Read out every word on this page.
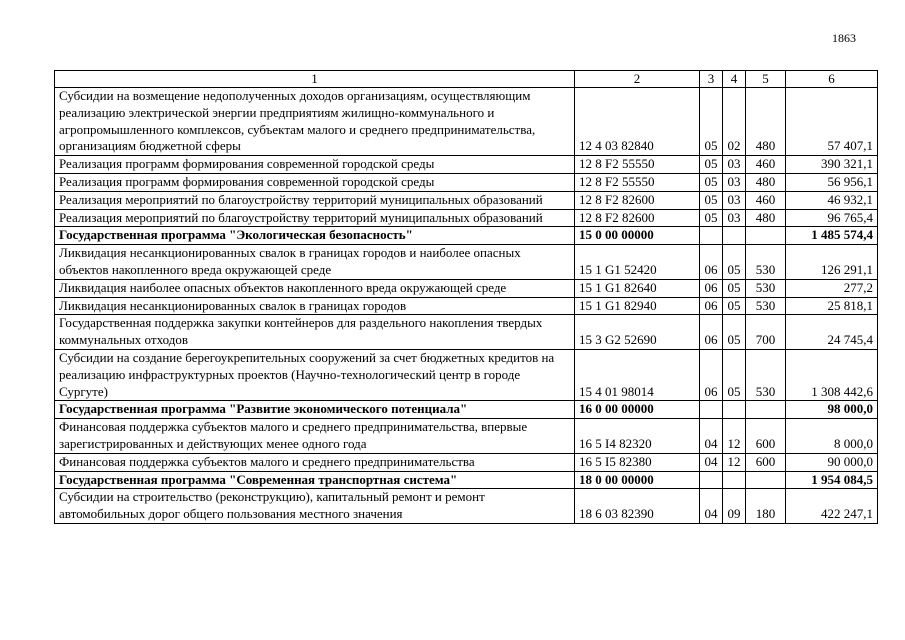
1863
1	2	3	4	5	6
Субсидии на возмещение недополученных доходов организациям, осуществляющим реализацию электрической энергии предприятиям жилищно-коммунального и агропромышленного комплексов, субъектам малого и среднего предпринимательства, организациям бюджетной сферы	12 4 03 82840	05	02	480	57 407,1
Реализация программ формирования современной городской среды	12 8 F2 55550	05	03	460	390 321,1
Реализация программ формирования современной городской среды	12 8 F2 55550	05	03	480	56 956,1
Реализация мероприятий по благоустройству территорий муниципальных образований	12 8 F2 82600	05	03	460	46 932,1
Реализация мероприятий по благоустройству территорий муниципальных образований	12 8 F2 82600	05	03	480	96 765,4
Государственная программа "Экологическая безопасность"	15 0 00 00000				1 485 574,4
Ликвидация несанкционированных свалок в границах городов и наиболее опасных объектов накопленного вреда окружающей среде	15 1 G1 52420	06	05	530	126 291,1
Ликвидация наиболее опасных объектов накопленного вреда окружающей среде	15 1 G1 82640	06	05	530	277,2
Ликвидация несанкционированных свалок в границах городов	15 1 G1 82940	06	05	530	25 818,1
Государственная поддержка закупки контейнеров для раздельного накопления твердых коммунальных отходов	15 3 G2 52690	06	05	700	24 745,4
Субсидии на создание берегоукрепительных сооружений за счет бюджетных кредитов на реализацию инфраструктурных проектов (Научно-технологический центр в городе Сургуте)	15 4 01 98014	06	05	530	1 308 442,6
Государственная программа "Развитие экономического потенциала"	16 0 00 00000				98 000,0
Финансовая поддержка субъектов малого и среднего предпринимательства, впервые зарегистрированных и действующих менее одного года	16 5 I4 82320	04	12	600	8 000,0
Финансовая поддержка субъектов малого и среднего предпринимательства	16 5 I5 82380	04	12	600	90 000,0
Государственная программа "Современная транспортная система"	18 0 00 00000				1 954 084,5
Субсидии на строительство (реконструкцию), капитальный ремонт и ремонт автомобильных дорог общего пользования местного значения	18 6 03 82390	04	09	180	422 247,1
